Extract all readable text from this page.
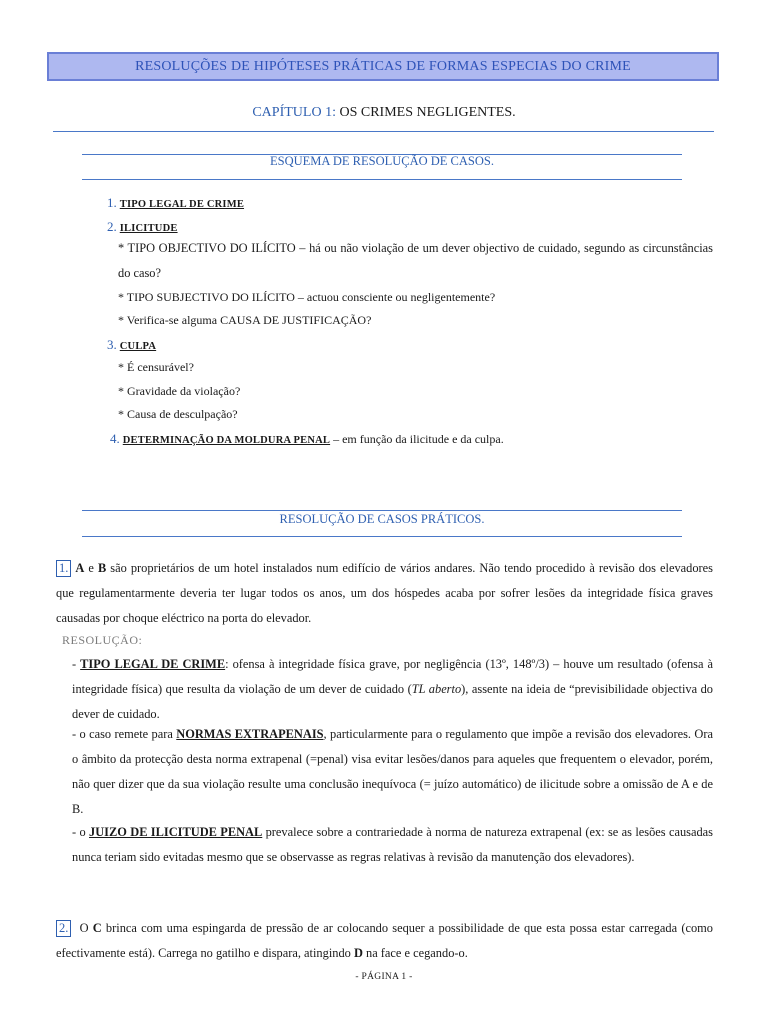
RESOLUÇÕES DE HIPÓTESES PRÁTICAS DE FORMAS ESPECIAS DO CRIME
CAPÍTULO 1: OS CRIMES NEGLIGENTES.
ESQUEMA DE RESOLUÇÃO DE CASOS.
1. TIPO LEGAL DE CRIME
2. ILICITUDE
* TIPO OBJECTIVO DO ILÍCITO – há ou não violação de um dever objectivo de cuidado, segundo as circunstâncias do caso?
* TIPO SUBJECTIVO DO ILÍCITO – actuou consciente ou negligentemente?
* Verifica-se alguma CAUSA DE JUSTIFICAÇÃO?
3. CULPA
* É censurável?
* Gravidade da violação?
* Causa de desculpação?
4. DETERMINAÇÃO DA MOLDURA PENAL – em função da ilicitude e da culpa.
RESOLUÇÃO DE CASOS PRÁTICOS.
1. A e B são proprietários de um hotel instalados num edifício de vários andares. Não tendo procedido à revisão dos elevadores que regulamentarmente deveria ter lugar todos os anos, um dos hóspedes acaba por sofrer lesões da integridade física graves causadas por choque eléctrico na porta do elevador.
RESOLUÇÃO:
- TIPO LEGAL DE CRIME: ofensa à integridade física grave, por negligência (13º, 148º/3) – houve um resultado (ofensa à integridade física) que resulta da violação de um dever de cuidado (TL aberto), assente na ideia de “previsibilidade objectiva do dever de cuidado.
- o caso remete para NORMAS EXTRAPENAIS, particularmente para o regulamento que impõe a revisão dos elevadores. Ora o âmbito da protecção desta norma extrapenal (=penal) visa evitar lesões/danos para aqueles que frequentem o elevador, porém, não quer dizer que da sua violação resulte uma conclusão inequívoca (= juízo automático) de ilicitude sobre a omissão de A e de B.
- o JUIZO DE ILICITUDE PENAL prevalece sobre a contrariedade à norma de natureza extrapenal (ex: se as lesões causadas nunca teriam sido evitadas mesmo que se observasse as regras relativas à revisão da manutenção dos elevadores).
2. O C brinca com uma espingarda de pressão de ar colocando sequer a possibilidade de que esta possa estar carregada (como efectivamente está). Carrega no gatilho e dispara, atingindo D na face e cegando-o.
- PÁGINA 1 -
